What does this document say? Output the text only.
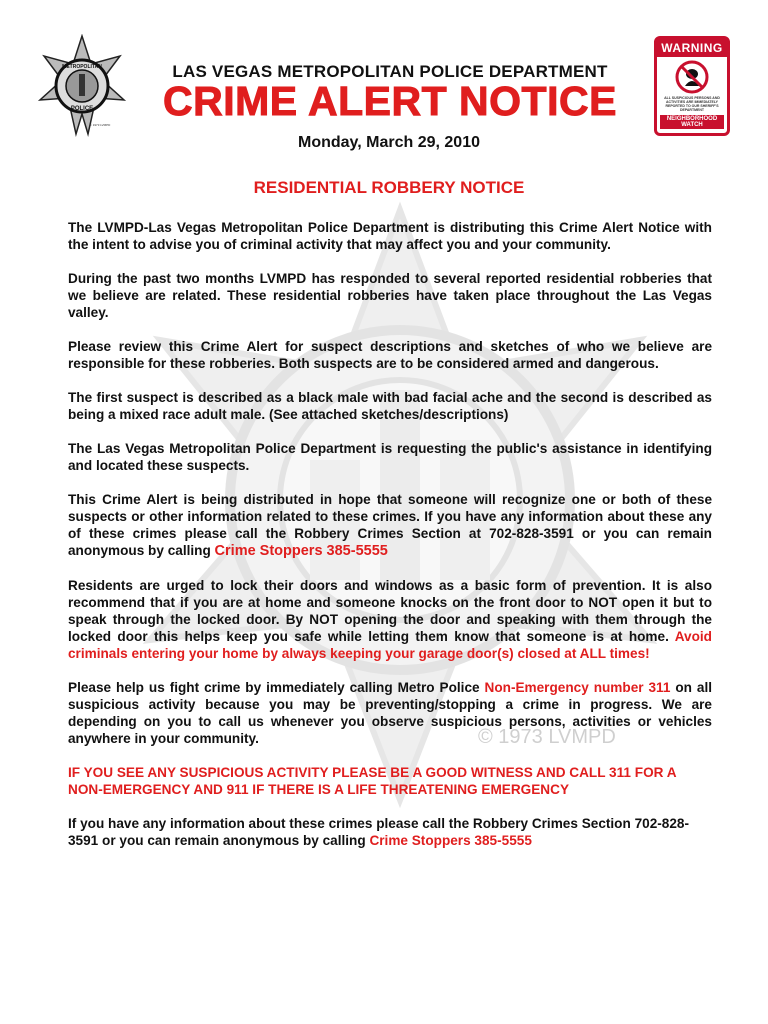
METROPOLITAN
POLICE
© 1973 LVMPD
LAS VEGAS METROPOLITAN POLICE DEPARTMENT
CRIME ALERT NOTICE
WARNING
ALL SUSPICIOUS PERSONS AND ACTIVITIES ARE IMMEDIATELY REPORTED TO OUR SHERIFF'S DEPARTMENT
NEIGHBORHOOD WATCH
Monday, March 29, 2010
RESIDENTIAL ROBBERY NOTICE

The LVMPD-Las Vegas Metropolitan Police Department is distributing this Crime Alert Notice with the intent to advise you of criminal activity that may affect you and your community.

During the past two months LVMPD has responded to several reported residential robberies that we believe are related. These residential robberies have taken place throughout the Las Vegas valley.

Please review this Crime Alert for suspect descriptions and sketches of who we believe are responsible for these robberies. Both suspects are to be considered armed and dangerous.

The first suspect is described as a black male with bad facial ache and the second is described as being a mixed race adult male. (See attached sketches/descriptions)

The Las Vegas Metropolitan Police Department is requesting the public's assistance in identifying and located these suspects.

This Crime Alert is being distributed in hope that someone will recognize one or both of these suspects or other information related to these crimes. If you have any information about these any of these crimes please call the Robbery Crimes Section at 702-828-3591 or you can remain anonymous by calling Crime Stoppers 385-5555

Residents are urged to lock their doors and windows as a basic form of prevention. It is also recommend that if you are at home and someone knocks on the front door to NOT open it but to speak through the locked door. By NOT opening the door and speaking with them through the locked door this helps keep you safe while letting them know that someone is at home. Avoid criminals entering your home by always keeping your garage door(s) closed at ALL times!

Please help us fight crime by immediately calling Metro Police Non-Emergency number 311 on all suspicious activity because you may be preventing/stopping a crime in progress. We are depending on you to call us whenever you observe suspicious persons, activities or vehicles anywhere in your community.

IF YOU SEE ANY SUSPICIOUS ACTIVITY PLEASE BE A GOOD WITNESS AND CALL 311 FOR A NON-EMERGENCY AND 911 IF THERE IS A LIFE THREATENING EMERGENCY

If you have any information about these crimes please call the Robbery Crimes Section 702-828-3591 or you can remain anonymous by calling Crime Stoppers 385-5555

© 1973 LVMPD
